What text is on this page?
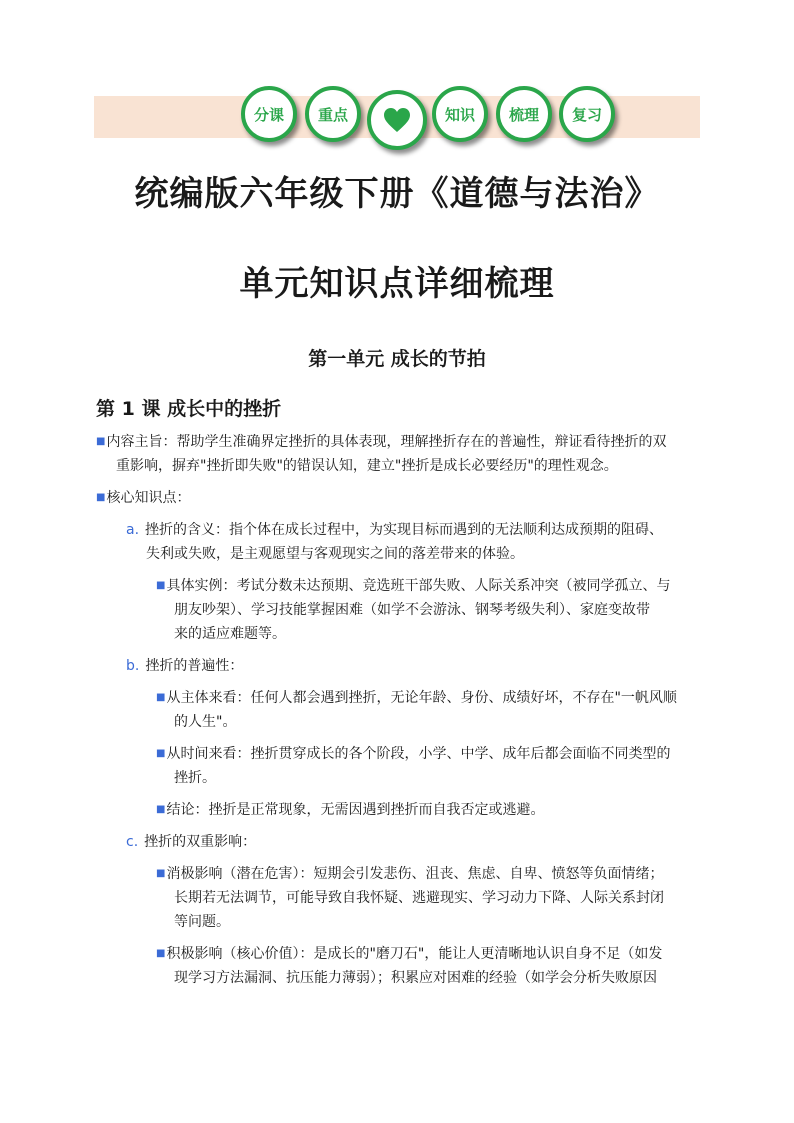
分课	重点	知识	梳理	复习
统编版六年级下册《道德与法治》
单元知识点详细梳理
第一单元 成长的节拍
第 1 课 成长中的挫折
■内容主旨：帮助学生准确界定挫折的具体表现，理解挫折存在的普遍性，辩证看待挫折的双
重影响，摒弃"挫折即失败"的错误认知，建立"挫折是成长必要经历"的理性观念。
■核心知识点：
a. 挫折的含义：指个体在成长过程中，为实现目标而遇到的无法顺利达成预期的阻碍、
失利或失败，是主观愿望与客观现实之间的落差带来的体验。
■具体实例：考试分数未达预期、竞选班干部失败、人际关系冲突（被同学孤立、与
朋友吵架）、学习技能掌握困难（如学不会游泳、钢琴考级失利）、家庭变故带
来的适应难题等。
b. 挫折的普遍性：
■从主体来看：任何人都会遇到挫折，无论年龄、身份、成绩好坏，不存在"一帆风顺
的人生"。
■从时间来看：挫折贯穿成长的各个阶段，小学、中学、成年后都会面临不同类型的
挫折。
■结论：挫折是正常现象，无需因遇到挫折而自我否定或逃避。
c. 挫折的双重影响：
■消极影响（潜在危害）：短期会引发悲伤、沮丧、焦虑、自卑、愤怒等负面情绪；
长期若无法调节，可能导致自我怀疑、逃避现实、学习动力下降、人际关系封闭
等问题。
■积极影响（核心价值）：是成长的"磨刀石"，能让人更清晰地认识自身不足（如发
现学习方法漏洞、抗压能力薄弱）；积累应对困难的经验（如学会分析失败原因
